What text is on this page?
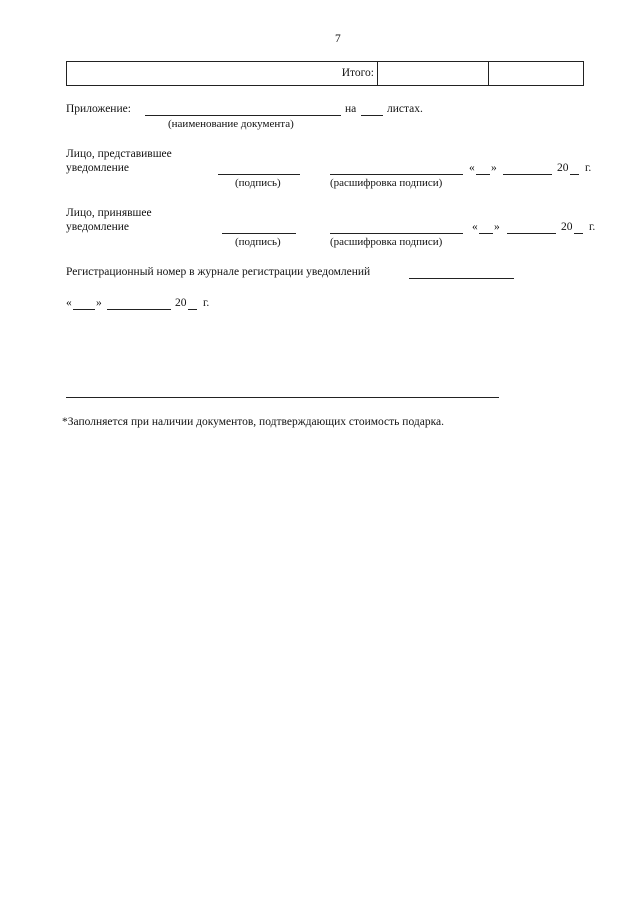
7
Итого:
Приложение:	на	листах.
(наименование документа)
Лицо, представившее
уведомление	« »	20 г.
(подпись)	(расшифровка подписи)
Лицо, принявшее
уведомление	« »	20 г.
(подпись)	(расшифровка подписи)
Регистрационный номер в журнале регистрации уведомлений
« »	20 г.
*Заполняется при наличии документов, подтверждающих стоимость подарка.
